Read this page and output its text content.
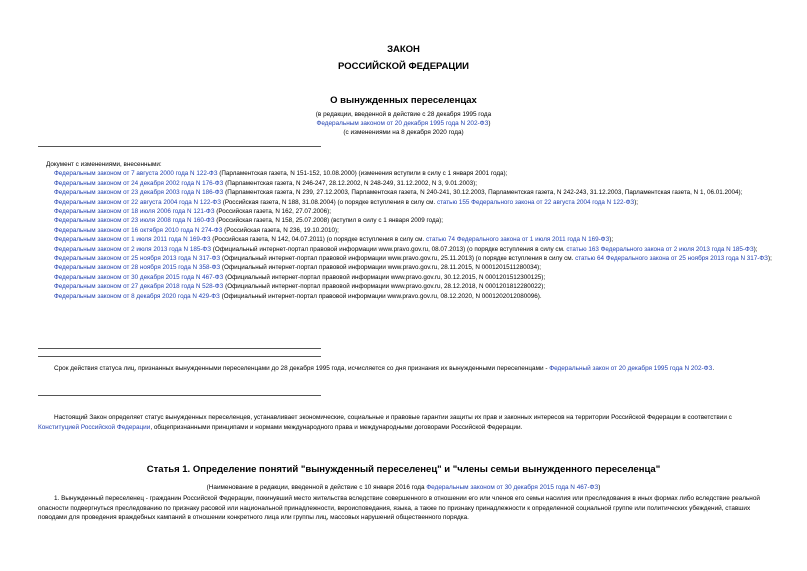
ЗАКОН
РОССИЙСКОЙ ФЕДЕРАЦИИ
О вынужденных переселенцах
(в редакции, введенной в действие с 28 декабря 1995 года
Федеральным законом от 20 декабря 1995 года N 202-ФЗ)
(с изменениями на 8 декабря 2020 года)
Документ с изменениями, внесенными:
Федеральным законом от 7 августа 2000 года N 122-ФЗ (Парламентская газета, N 151-152, 10.08.2000) (изменения вступили в силу с 1 января 2001 года);
Федеральным законом от 24 декабря 2002 года N 176-ФЗ (Парламентская газета, N 246-247, 28.12.2002, N 248-249, 31.12.2002, N 3, 9.01.2003);
Федеральным законом от 23 декабря 2003 года N 186-ФЗ (Парламентская газета, N 239, 27.12.2003, Парламентская газета, N 240-241, 30.12.2003, Парламентская газета, N 242-243, 31.12.2003, Парламентская газета, N 1, 06.01.2004);
Федеральным законом от 22 августа 2004 года N 122-ФЗ (Российская газета, N 188, 31.08.2004) (о порядке вступления в силу см. статью 155 Федерального закона от 22 августа 2004 года N 122-ФЗ);
Федеральным законом от 18 июля 2006 года N 121-ФЗ (Российская газета, N 162, 27.07.2006);
Федеральным законом от 23 июля 2008 года N 160-ФЗ (Российская газета, N 158, 25.07.2008) (вступил в силу с 1 января 2009 года);
Федеральным законом от 16 октября 2010 года N 274-ФЗ (Российская газета, N 236, 19.10.2010);
Федеральным законом от 1 июля 2011 года N 169-ФЗ (Российская газета, N 142, 04.07.2011) (о порядке вступления в силу см. статью 74 Федерального закона от 1 июля 2011 года N 169-ФЗ);
Федеральным законом от 2 июля 2013 года N 185-ФЗ (Официальный интернет-портал правовой информации www.pravo.gov.ru, 08.07.2013) (о порядке вступления в силу см. статью 163 Федерального закона от 2 июля 2013 года N 185-ФЗ);
Федеральным законом от 25 ноября 2013 года N 317-ФЗ (Официальный интернет-портал правовой информации www.pravo.gov.ru, 25.11.2013) (о порядке вступления в силу см. статью 64 Федерального закона от 25 ноября 2013 года N 317-ФЗ);
Федеральным законом от 28 ноября 2015 года N 358-ФЗ (Официальный интернет-портал правовой информации www.pravo.gov.ru, 28.11.2015, N 0001201511280034);
Федеральным законом от 30 декабря 2015 года N 467-ФЗ (Официальный интернет-портал правовой информации www.pravo.gov.ru, 30.12.2015, N 0001201512300125);
Федеральным законом от 27 декабря 2018 года N 528-ФЗ (Официальный интернет-портал правовой информации www.pravo.gov.ru, 28.12.2018, N 0001201812280022);
Федеральным законом от 8 декабря 2020 года N 429-ФЗ (Официальный интернет-портал правовой информации www.pravo.gov.ru, 08.12.2020, N 0001202012080096).
Срок действия статуса лиц, признанных вынужденными переселенцами до 28 декабря 1995 года, исчисляется со дня признания их вынужденными переселенцами - Федеральный закон от 20 декабря 1995 года N 202-ФЗ.
Настоящий Закон определяет статус вынужденных переселенцев, устанавливает экономические, социальные и правовые гарантии защиты их прав и законных интересов на территории Российской Федерации в соответствии с Конституцией Российской Федерации, общепризнанными принципами и нормами международного права и международными договорами Российской Федерации.
Статья 1. Определение понятий "вынужденный переселенец" и "члены семьи вынужденного переселенца"
(Наименование в редакции, введенной в действие с 10 января 2016 года Федеральным законом от 30 декабря 2015 года N 467-ФЗ)
1. Вынужденный переселенец - гражданин Российской Федерации, покинувший место жительства вследствие совершенного в отношении его или членов его семьи насилия или преследования в иных формах либо вследствие реальной опасности подвергнуться преследованию по признаку расовой или национальной принадлежности, вероисповедания, языка, а также по признаку принадлежности к определенной социальной группе или политических убеждений, ставших поводами для проведения враждебных кампаний в отношении конкретного лица или группы лиц, массовых нарушений общественного порядка.
